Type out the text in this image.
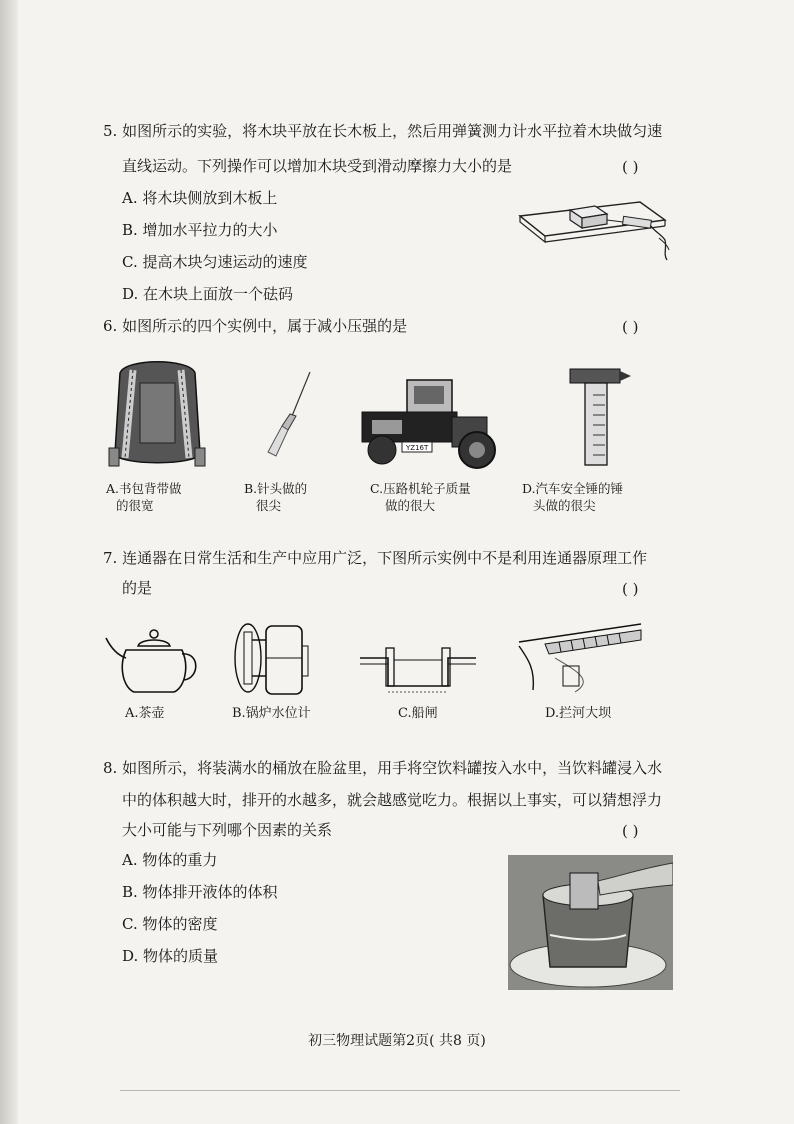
5. 如图所示的实验，将木块平放在长木板上，然后用弹簧测力计水平拉着木块做匀速
直线运动。下列操作可以增加木块受到滑动摩擦力大小的是	( )
A. 将木块侧放到木板上
B. 增加水平拉力的大小
C. 提高木块匀速运动的速度
D. 在木块上面放一个砝码
6. 如图所示的四个实例中，属于减小压强的是	( )
YZ16T
A.书包背带做
的很宽
B.针头做的
很尖
C.压路机轮子质量
做的很大
D.汽车安全锤的锤
头做的很尖
7. 连通器在日常生活和生产中应用广泛，下图所示实例中不是利用连通器原理工作
的是	( )
A.茶壶	B.锅炉水位计	C.船闸	D.拦河大坝
8. 如图所示，将装满水的桶放在脸盆里，用手将空饮料罐按入水中，当饮料罐浸入水
中的体积越大时，排开的水越多，就会越感觉吃力。根据以上事实，可以猜想浮力
大小可能与下列哪个因素的关系	( )
A. 物体的重力
B. 物体排开液体的体积
C. 物体的密度
D. 物体的质量
初三物理试题第2页( 共8 页)
